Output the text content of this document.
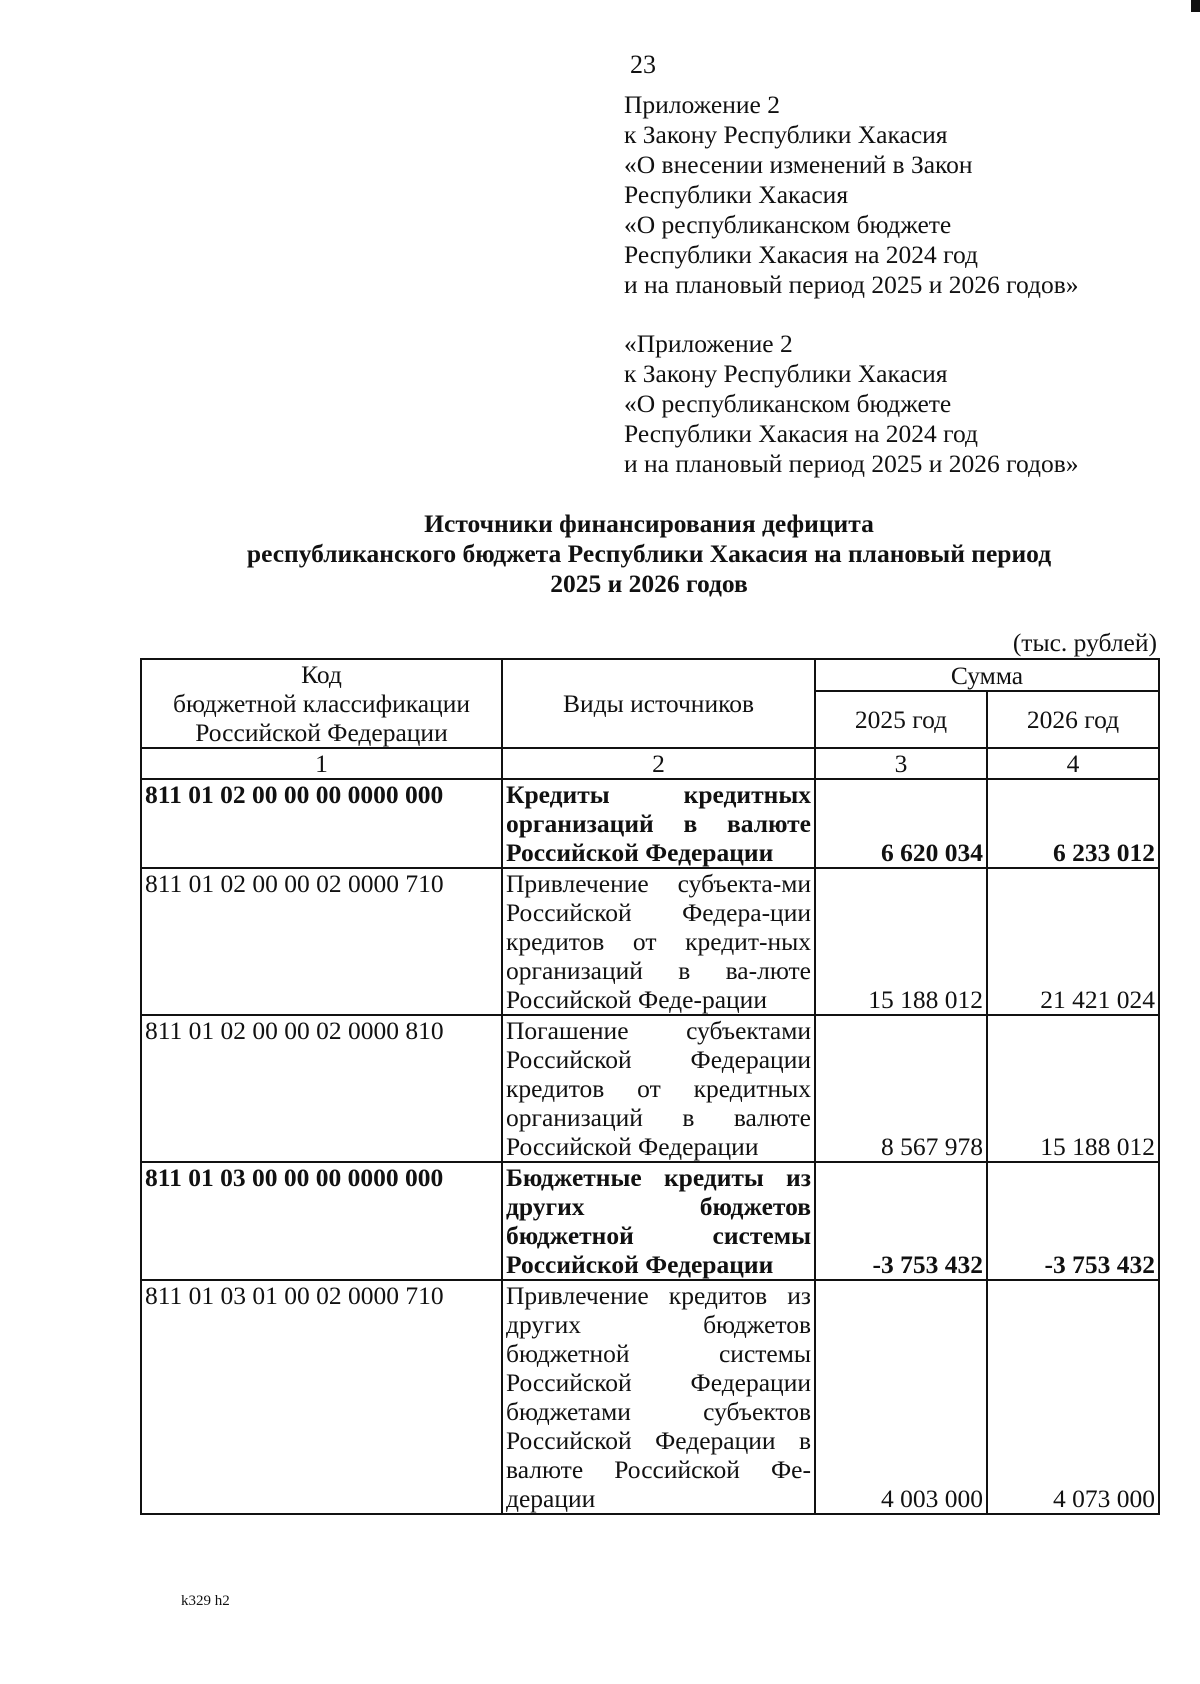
23
Приложение 2
к Закону Республики Хакасия
«О внесении изменений в Закон
Республики Хакасия
«О республиканском бюджете
Республики Хакасия на 2024 год
и на плановый период 2025 и 2026 годов»
«Приложение 2
к Закону Республики Хакасия
«О республиканском бюджете
Республики Хакасия на 2024 год
и на плановый период 2025 и 2026 годов»
Источники финансирования дефицита
республиканского бюджета Республики Хакасия на плановый период
2025 и 2026 годов
(тыс. рублей)
Код
бюджетной классификации
Российской Федерации	Виды источников	Сумма	
		2025 год	2026 год
1	2	3	4
811 01 02 00 00 00 0000 000	Кредиты кредитных организаций в валюте Российской Федерации	6 620 034	6 233 012
811 01 02 00 00 02 0000 710	Привлечение субъекта-ми Российской Федера-ции кредитов от кредит-ных организаций в ва-люте Российской Феде-рации	15 188 012	21 421 024
811 01 02 00 00 02 0000 810	Погашение субъектами Российской Федерации кредитов от кредитных организаций в валюте Российской Федерации	8 567 978	15 188 012
811 01 03 00 00 00 0000 000	Бюджетные кредиты из других бюджетов бюджетной системы Российской Федерации	-3 753 432	-3 753 432
811 01 03 01 00 02 0000 710	Привлечение кредитов из других бюджетов бюджетной системы Российской Федерации бюджетами субъектов Российской Федерации в валюте Российской Фе-дерации	4 003 000	4 073 000
k329 h2
